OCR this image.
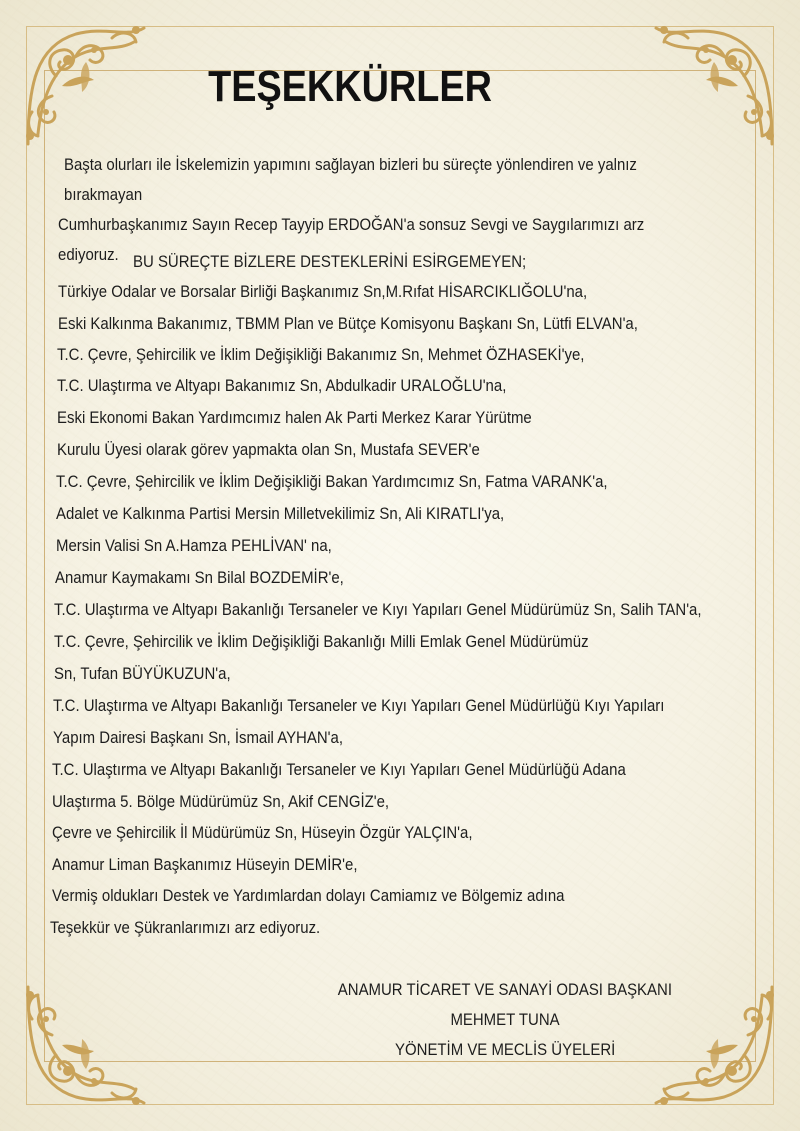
TEŞEKKÜRLER
Başta olurları ile İskelemizin yapımını sağlayan bizleri bu süreçte yönlendiren ve yalnız bırakmayan
Cumhurbaşkanımız Sayın Recep Tayyip ERDOĞAN'a sonsuz Sevgi ve Saygılarımızı arz ediyoruz. BU SÜREÇTE BİZLERE DESTEKLERİNİ ESİRGEMEYEN;
Türkiye Odalar ve Borsalar Birliği Başkanımız Sn,M.Rıfat HİSARCIKLIĞOLU'na,
Eski Kalkınma Bakanımız, TBMM Plan ve Bütçe Komisyonu Başkanı Sn, Lütfi ELVAN'a,
T.C. Çevre, Şehircilik ve İklim Değişikliği Bakanımız Sn, Mehmet ÖZHASEKİ'ye,
T.C. Ulaştırma ve Altyapı Bakanımız Sn, Abdulkadir URALOĞLU'na,
Eski Ekonomi Bakan Yardımcımız halen Ak Parti Merkez Karar Yürütme
Kurulu Üyesi olarak görev yapmakta olan Sn, Mustafa SEVER'e
T.C. Çevre, Şehircilik ve İklim Değişikliği Bakan Yardımcımız Sn, Fatma VARANK'a,
Adalet ve Kalkınma Partisi Mersin Milletvekilimiz Sn, Ali KIRATLI'ya,
Mersin Valisi Sn A.Hamza PEHLİVAN' na,
Anamur Kaymakamı Sn Bilal BOZDEMİR'e,
T.C. Ulaştırma ve Altyapı Bakanlığı Tersaneler ve Kıyı Yapıları Genel Müdürümüz Sn, Salih TAN'a,
T.C. Çevre, Şehircilik ve İklim Değişikliği Bakanlığı Milli Emlak Genel Müdürümüz
Sn, Tufan BÜYÜKUZUN'a,
T.C. Ulaştırma ve Altyapı Bakanlığı Tersaneler ve Kıyı Yapıları Genel Müdürlüğü Kıyı Yapıları
Yapım Dairesi Başkanı Sn, İsmail AYHAN'a,
T.C. Ulaştırma ve Altyapı Bakanlığı Tersaneler ve Kıyı Yapıları Genel Müdürlüğü Adana
Ulaştırma 5. Bölge Müdürümüz Sn, Akif CENGİZ'e,
Çevre ve Şehircilik İl Müdürümüz Sn, Hüseyin Özgür YALÇIN'a,
Anamur Liman Başkanımız Hüseyin DEMİR'e,
Vermiş oldukları Destek ve Yardımlardan dolayı Camiamız ve Bölgemiz adına
Teşekkür ve Şükranlarımızı arz ediyoruz.
ANAMUR TİCARET VE SANAYİ ODASI BAŞKANI
MEHMET TUNA
YÖNETİM VE MECLİS ÜYELERİ
